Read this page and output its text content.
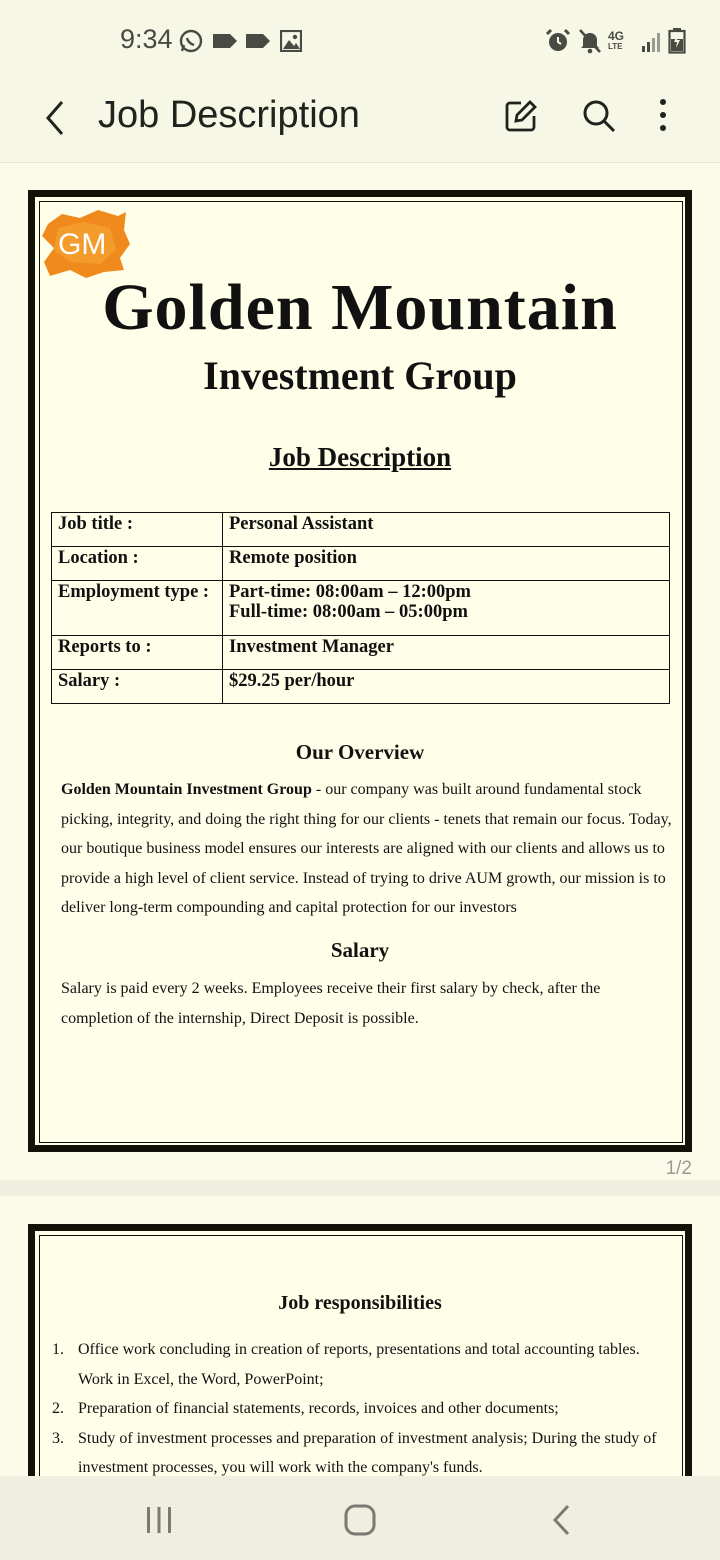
9:34	4G
LTE
Job Description
GM
Golden Mountain
Investment Group
Job Description
Job title :	Personal Assistant
Location :	Remote position
Employment type :	Part-time: 08:00am – 12:00pm
Full-time: 08:00am – 05:00pm

Reports to :	Investment Manager
Salary :	$29.25 per/hour
Our Overview
Golden Mountain Investment Group - our company was built around fundamental stock picking, integrity, and doing the right thing for our clients - tenets that remain our focus. Today, our boutique business model ensures our interests are aligned with our clients and allows us to provide a high level of client service. Instead of trying to drive AUM growth, our mission is to deliver long-term compounding and capital protection for our investors
Salary
Salary is paid every 2 weeks. Employees receive their first salary by check, after the completion of the internship, Direct Deposit is possible.
1/2
Job responsibilities
1. Office work concluding in creation of reports, presentations and total accounting tables. Work in Excel, the Word, PowerPoint;
2. Preparation of financial statements, records, invoices and other documents;
3. Study of investment processes and preparation of investment analysis; During the study of investment processes, you will work with the company's funds.
